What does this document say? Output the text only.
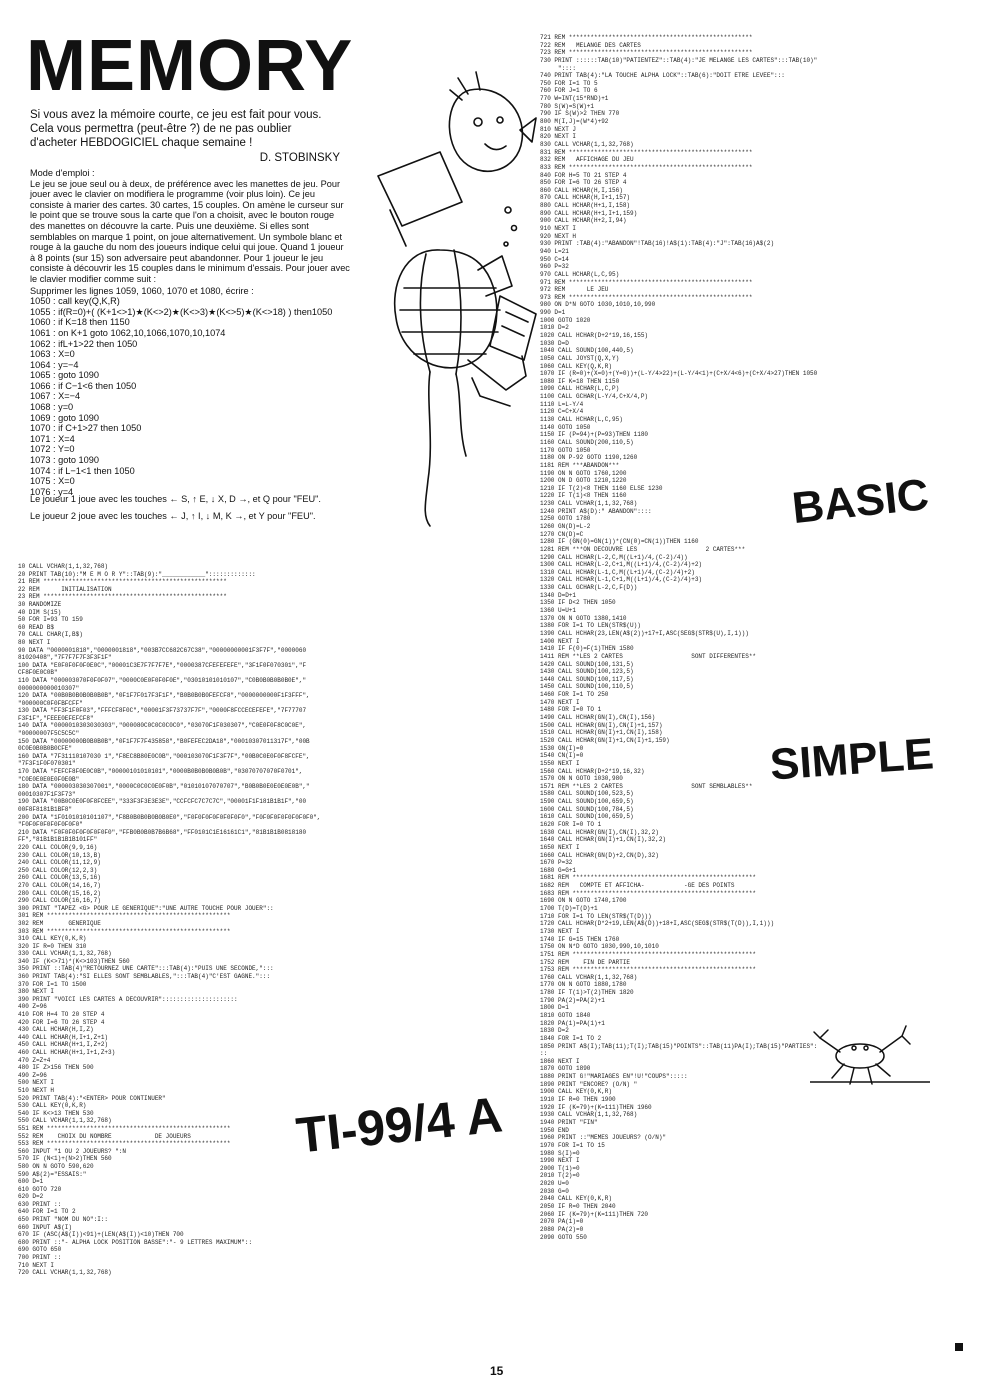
MEMORY

Si vous avez la mémoire courte, ce jeu est fait pour vous. Cela vous permettra (peut-être ?) de ne pas oublier d'acheter HEBDOGICIEL chaque semaine !

D. STOBINSKY

Mode d'emploi :

Le jeu se joue seul ou à deux, de préférence avec les manettes de jeu. Pour jouer avec le clavier on modifiera le programme (voir plus loin). Ce jeu consiste à marier des cartes. 30 cartes, 15 couples. On amène le curseur sur le point que se trouve sous la carte que l'on a choisit, avec le bouton rouge des manettes on découvre la carte. Puis une deuxième. Si elles sont semblables on marque 1 point, on joue alternativement. Un symbole blanc et rouge à la gauche du nom des joueurs indique celui qui joue. Quand 1 joueur à 8 points (sur 15) son adversaire peut abandonner. Pour 1 joueur le jeu consiste à découvrir les 15 couples dans le minimum d'essais. Pour jouer avec le clavier modifier comme suit :

Supprimer les lignes 1059, 1060, 1070 et 1080, écrire :

1050 : call key(Q,K,R)
1055 : if(R=0)+( (K+1<>1)★(K<>2)★(K<>3)★(K<>5)★(K<>18) ) then1050
1060 : if K=18 then 1150
1061 : on K+1 goto 1062,10,1066,1070,10,1074
1062 : ifL+1>22 then 1050
1063 : X=0
1064 : y=−4
1065 : goto 1090
1066 : if C−1<6 then 1050
1067 : X=−4
1068 : y=0
1069 : goto 1090
1070 : if C+1>27 then 1050
1071 : X=4
1072 : Y=0
1073 : goto 1090
1074 : if L−1<1 then 1050
1075 : X=0
1076 : y=4

Le joueur 1 joue avec les touches ← S, ↑ E, ↓ X, D →, et Q pour "FEU".

Le joueur 2 joue avec les touches ← J, ↑ I, ↓ M, K →, et Y pour "FEU".

10 CALL VCHAR(1,1,32,768)
20 PRINT TAB(10):"M E M O R Y"::TAB(9):"____________":::::::::::::
21 REM ***************************************************
22 REM      INITIALISATION
23 REM ***************************************************
30 RANDOMIZE
40 DIM S(15)
50 FOR I=93 TO 159
60 READ B$
70 CALL CHAR(I,B$)
80 NEXT I
90 DATA "0000001818","0000001818","003B7CC682C67C38","00000000001F3F7F","0000060
81020408","7F7F7F7F3F3F1F"
100 DATA "E0F0F0F0F0E0C","00001C3E7F7F7F7E","0000387CFEFEFEFE","3F1F0F070301","F
CF8F0E0C0B"
110 DATA "000003070F0F0F07","0000C0E0F0F0F0E","03010101010107","C0B0B0B0B0B0E","
0000000000010307"
120 DATA "00B0B0B0B0B0B0B","0F1F7F017F3F1F","B0B0B0B0FEFCF8","0000000000F1F3FFF",
"000000C0F0FBFCFF"
130 DATA "FF3F1F0F03","FFFCF8F0C","00001F3F73737F7F","0000F8FCCECEFEFE","7F77707
F3F1F","FEEE0EFEFCF8"
140 DATA "0000010303030303","000080C0C0C0C0C0","03070F1F030307","C0E0F0F8C0C0E",
"00000007F5C5C5C"
150 DATA "00000000B0B0B0B","0F1F7F7F435858","B0FEFEC2DA18","00010307011317F","00B
0C0E0B0B0B0CFE"
160 DATA "7F31110107030 1","F8EC8B80E0C0B","000103070F1F3F7F","00B0C0E0F0F8FCFE",
"7F3F1F0F070301"
170 DATA "FEFCF8F0E0C0B","00000101010101","0000B0B0B0B0B0B","03070707070F0701",
"C0E0E0E0E0F0E0B"
180 DATA "000003030307001","0000C0C0C0E0F0B","01010107070707","B0B0B0E0E0E0E0B","
00010307F1F3F73"
190 DATA "00B0C0E0F0F8FCEE","333F3F3E3E3E","CCFCFC7C7C7C","00001F1F181B1B1F","00
00F8F8181B1BF8"
200 DATA "1F0101010101107","F8B0B0B0B0B0B0E0","F0F0F0F0F0F0F0F0","F0F0F0F0F0F0F0F0",
"F0F0F0F0F0F0F0F0"
210 DATA "F0F0F0F0F0F0F0F0","FFB0B0B0B7B6B68","FF0101C1E16161C1","81B1B1B0818180
FF","81B1B1B1B1B101FF"
220 CALL COLOR(9,9,16)
230 CALL COLOR(10,13,B)
240 CALL COLOR(11,12,9)
250 CALL COLOR(12,2,3)
260 CALL COLOR(13,5,16)
270 CALL COLOR(14,16,7)
280 CALL COLOR(15,16,2)
290 CALL COLOR(16,16,7)
300 PRINT "TAPEZ <G> POUR LE GENERIQUE":"UNE AUTRE TOUCHE POUR JOUER"::
301 REM ***************************************************
302 REM       GENERIQUE
303 REM ***************************************************
310 CALL KEY(0,K,R)
320 IF R=0 THEN 310
330 CALL VCHAR(1,1,32,768)
340 IF (K<>71)*(K<>103)THEN 560
350 PRINT ::TAB(4)"RETOURNEZ UNE CARTE":::TAB(4):"PUIS UNE SECONDE,":::
360 PRINT TAB(4):"SI ELLES SONT SEMBLABLES,":::TAB(4)"C'EST GAGNE.":::
370 FOR I=1 TO 1500
380 NEXT I
390 PRINT "VOICI LES CARTES A DECOUVRIR":::::::::::::::::::::
400 Z=96
410 FOR H=4 TO 20 STEP 4
420 FOR I=6 TO 26 STEP 4
430 CALL HCHAR(H,I,Z)
440 CALL HCHAR(H,I+1,Z+1)
450 CALL HCHAR(H+1,I,Z+2)
460 CALL HCHAR(H+1,I+1,Z+3)
470 Z=Z+4
480 IF Z>156 THEN 500
490 Z=96
500 NEXT I
510 NEXT H
520 PRINT TAB(4):"<ENTER> POUR CONTINUER"
530 CALL KEY(0,K,R)
540 IF K<>13 THEN 530
550 CALL VCHAR(1,1,32,768)
551 REM ***************************************************
552 REM    CHOIX DU NOMBRE            DE JOUEURS
553 REM ***************************************************
560 INPUT "1 OU 2 JOUEURS? ":N
570 IF (N<1)+(N>2)THEN 560
580 ON N GOTO 590,620
590 A$(2)="ESSAIS:"
600 D=1
610 GOTO 720
620 D=2
630 PRINT ::
640 FOR I=1 TO 2
650 PRINT "NOM DU NO":I::
660 INPUT A$(I)
670 IF (ASC(A$(I))<91)+(LEN(A$(I))<10)THEN 700
680 PRINT ::"- ALPHA LOCK POSITION BASSE":"- 9 LETTRES MAXIMUM"::
690 GOTO 650
700 PRINT ::
710 NEXT I
720 CALL VCHAR(1,1,32,768)
721 REM ***************************************************
722 REM   MELANGE DES CARTES
723 REM ***************************************************
730 PRINT ::::::TAB(10)"PATIENTEZ"::TAB(4):"JE MELANGE LES CARTES":::TAB(10)"
"::::
740 PRINT TAB(4):"LA TOUCHE ALPHA LOCK"::TAB(6):"DOIT ETRE LEVEE":::
750 FOR I=1 TO 5
760 FOR J=1 TO 6
770 W=INT(15*RND)+1
780 S(W)=S(W)+1
790 IF S(W)>2 THEN 770
800 M(I,J)=(W*4)+92
810 NEXT J
820 NEXT I
830 CALL VCHAR(1,1,32,768)
831 REM ***************************************************
832 REM   AFFICHAGE DU JEU
833 REM ***************************************************
840 FOR H=5 TO 21 STEP 4
850 FOR I=6 TO 26 STEP 4
860 CALL HCHAR(H,I,156)
870 CALL HCHAR(H,I+1,157)
880 CALL HCHAR(H+1,I,158)
890 CALL HCHAR(H+1,I+1,159)
900 CALL HCHAR(H+2,I,94)
910 NEXT I
920 NEXT H
930 PRINT :TAB(4):"ABANDON"!TAB(16)!A$(1):TAB(4):"J":TAB(16)A$(2)
940 L=21
950 C=14
960 P=32
970 CALL HCHAR(L,C,95)
971 REM ***************************************************
972 REM      LE JEU
973 REM ***************************************************
980 ON D*N GOTO 1030,1010,10,990
990 D=1
1000 GOTO 1020
1010 D=2
1020 CALL HCHAR(D+2*19,16,155)
1030 D=D
1040 CALL SOUND(100,440,5)
1050 CALL JOYST(Q,X,Y)
1060 CALL KEY(Q,K,R)
1070 IF (R=0)+(X=0)+(Y=0))+(L-Y/4>22)+(L-Y/4<1)+(C+X/4<6)+(C+X/4>27)THEN 1050
1080 IF K=18 THEN 1150
1090 CALL HCHAR(L,C,P)
1100 CALL GCHAR(L-Y/4,C+X/4,P)
1110 L=L-Y/4
1120 C=C+X/4
1130 CALL HCHAR(L,C,95)
1140 GOTO 1050
1150 IF (P=94)+(P=93)THEN 1180
1160 CALL SOUND(200,110,5)
1170 GOTO 1050
1180 ON P-92 GOTO 1190,1260
1181 REM ***ABANDON***
1190 ON N GOTO 1760,1200
1200 ON D GOTO 1210,1220
1210 IF T(2)<8 THEN 1160 ELSE 1230
1220 IF T(1)<8 THEN 1160
1230 CALL VCHAR(1,1,32,768)
1240 PRINT A$(D):" ABANDON"::::
1250 GOTO 1780
1260 GN(D)=L-2
1270 CN(D)=C
1280 IF (GN(0)=GN(1))*(CN(0)=CN(1))THEN 1160
1281 REM ***ON DECOUVRE LES                   2 CARTES***
1290 CALL HCHAR(L-2,C,M((L+1)/4,(C-2)/4))
1300 CALL HCHAR(L-2,C+1,M((L+1)/4,(C-2)/4)+2)
1310 CALL HCHAR(L-1,C,M((L+1)/4,(C-2)/4)+2)
1320 CALL HCHAR(L-1,C+1,M((L+1)/4,(C-2)/4)+3)
1330 CALL GCHAR(L-2,C,F(D))
1340 D=D+1
1350 IF D<2 THEN 1050
1360 U=U+1
1370 ON N GOTO 1380,1410
1380 FOR I=1 TO LEN(STR$(U))
1390 CALL HCHAR(23,LEN(A$(2))+17+I,ASC(SEG$(STR$(U),I,1)))
1400 NEXT I
1410 IF F(0)=F(1)THEN 1580
1411 REM **LES 2 CARTES                   SONT DIFFERENTES**
1420 CALL SOUND(100,131,5)
1430 CALL SOUND(100,123,5)
1440 CALL SOUND(100,117,5)
1450 CALL SOUND(100,110,5)
1460 FOR I=1 TO 250
1470 NEXT I
1480 FOR I=0 TO 1
1490 CALL HCHAR(GN(I),CN(I),156)
1500 CALL HCHAR(GN(I),CN(I)+1,157)
1510 CALL HCHAR(GN(I)+1,CN(I),158)
1520 CALL HCHAR(GN(I)+1,CN(I)+1,159)
1530 GN(I)=0
1540 CN(I)=0
1550 NEXT I
1560 CALL HCHAR(D+2*19,16,32)
1570 ON N GOTO 1030,980
1571 REM **LES 2 CARTES                   SONT SEMBLABLES**
1580 CALL SOUND(100,523,5)
1590 CALL SOUND(100,659,5)
1600 CALL SOUND(100,784,5)
1610 CALL SOUND(100,659,5)
1620 FOR I=0 TO 1
1630 CALL HCHAR(GN(I),CN(I),32,2)
1640 CALL HCHAR(GN(I)+1,CN(I),32,2)
1650 NEXT I
1660 CALL HCHAR(GN(D)+2,CN(D),32)
1670 P=32
1680 G=G+1
1681 REM ***************************************************
1682 REM   COMPTE ET AFFICHA-           -GE DES POINTS
1683 REM ***************************************************
1690 ON N GOTO 1740,1700
1700 T(D)=T(D)+1
1710 FOR I=1 TO LEN(STR$(T(D)))
1720 CALL HCHAR(D*2+19,LEN(A$(D))+18+I,ASC(SEG$(STR$(T(D)),I,1)))
1730 NEXT I
1740 IF G=15 THEN 1760
1750 ON N*D GOTO 1030,990,10,1010
1751 REM ***************************************************
1752 REM    FIN DE PARTIE
1753 REM ***************************************************
1760 CALL VCHAR(1,1,32,768)
1770 ON N GOTO 1880,1780
1780 IF T(1)>T(2)THEN 1820
1790 PA(2)=PA(2)+1
1800 D=1
1810 GOTO 1840
1820 PA(1)=PA(1)+1
1830 D=2
1840 FOR I=1 TO 2
1850 PRINT A$(I);TAB(11);T(I);TAB(15)"POINTS"::TAB(11)PA(I);TAB(15)"PARTIES":
::
1860 NEXT I
1870 GOTO 1890
1880 PRINT G!"MARIAGES EN"!U!"COUPS":::::
1890 PRINT "ENCORE? (O/N) "
1900 CALL KEY(0,K,R)
1910 IF R=0 THEN 1900
1920 IF (K=79)+(K=111)THEN 1960
1930 CALL VCHAR(1,1,32,768)
1940 PRINT "FIN"
1950 END
1960 PRINT ::"MEMES JOUEURS? (O/N)"
1970 FOR I=1 TO 15
1980 S(I)=0
1990 NEXT I
2000 T(1)=0
2010 T(2)=0
2020 U=0
2030 G=0
2040 CALL KEY(0,K,R)
2050 IF R=0 THEN 2040
2060 IF (K=79)+(K=111)THEN 720
2070 PA(1)=0
2080 PA(2)=0
2090 GOTO 550
BASIC
SIMPLE
TI-99/4 A
15
